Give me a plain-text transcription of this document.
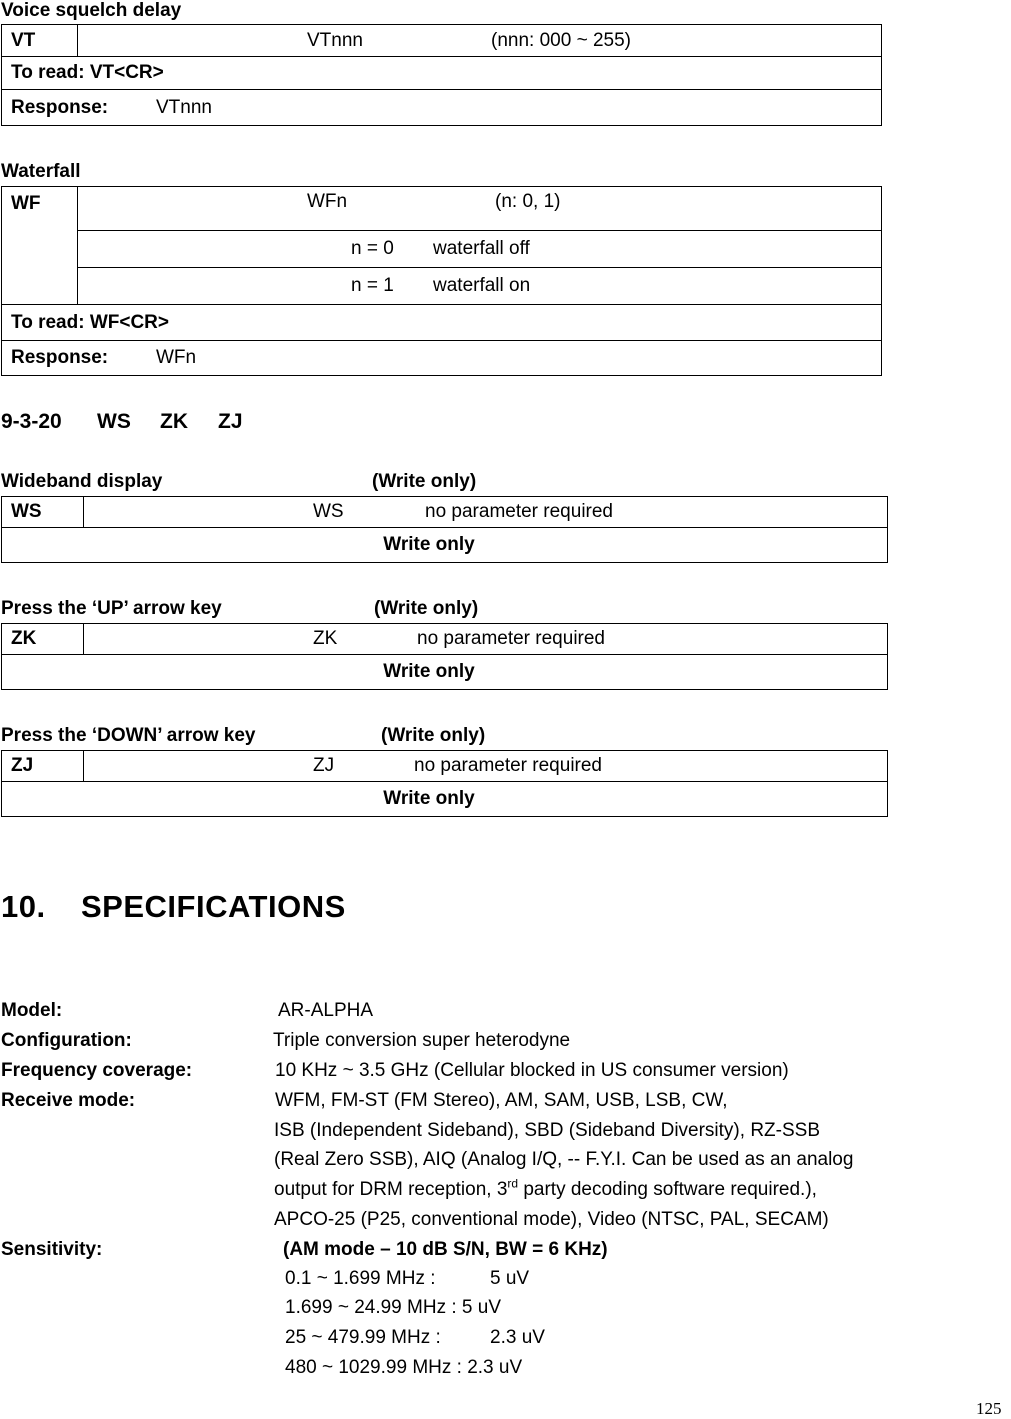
Voice squelch delay
VT	VTnnn	(nnn: 000 ~ 255)
To read: VT<CR>
Response:	VTnnn
Waterfall
WF	WFn	(n: 0, 1)
n = 0 waterfall off
n = 1 waterfall on
To read: WF<CR>
Response:	WFn
9-3-20 WS ZK ZJ
Wideband display	(Write only)
WS	WS	no parameter required
Write only
Press the ‘UP’ arrow key	(Write only)
ZK	ZK	no parameter required
Write only
Press the ‘DOWN’ arrow key	(Write only)
ZJ	ZJ	no parameter required
Write only
10. SPECIFICATIONS
Model:	AR-ALPHA
Configuration:	Triple conversion super heterodyne
Frequency coverage:	10 KHz ~ 3.5 GHz (Cellular blocked in US consumer version)
Receive mode:	WFM, FM-ST (FM Stereo), AM, SAM, USB, LSB, CW,
ISB (Independent Sideband), SBD (Sideband Diversity), RZ-SSB
(Real Zero SSB), AIQ (Analog I/Q, -- F.Y.I. Can be used as an analog
output for DRM reception, 3rd party decoding software required.),
APCO-25 (P25, conventional mode), Video (NTSC, PAL, SECAM)
Sensitivity:	(AM mode – 10 dB S/N, BW = 6 KHz)
0.1 ~ 1.699 MHz :	5 uV
1.699 ~ 24.99 MHz : 5 uV
25 ~ 479.99 MHz :	2.3 uV
480 ~ 1029.99 MHz : 2.3 uV
125
